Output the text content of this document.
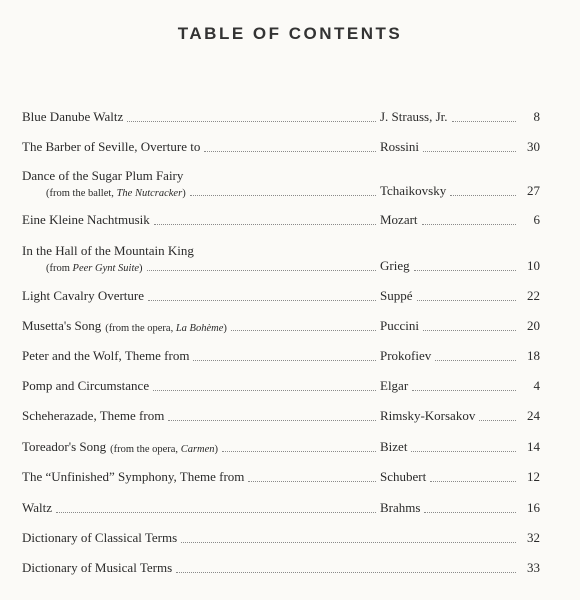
TABLE OF CONTENTS
Blue Danube Waltz	J. Strauss, Jr.	8
The Barber of Seville, Overture to	Rossini	30
Dance of the Sugar Plum Fairy
(from the ballet, The Nutcracker)	Tchaikovsky	27
Eine Kleine Nachtmusik	Mozart	6
In the Hall of the Mountain King
(from Peer Gynt Suite)	Grieg	10
Light Cavalry Overture	Suppé	22
Musetta's Song (from the opera, La Bohème)	Puccini	20
Peter and the Wolf, Theme from	Prokofiev	18
Pomp and Circumstance	Elgar	4
Scheherazade, Theme from	Rimsky-Korsakov	24
Toreador's Song (from the opera, Carmen)	Bizet	14
The “Unfinished” Symphony, Theme from	Schubert	12
Waltz	Brahms	16
Dictionary of Classical Terms	32
Dictionary of Musical Terms	33
